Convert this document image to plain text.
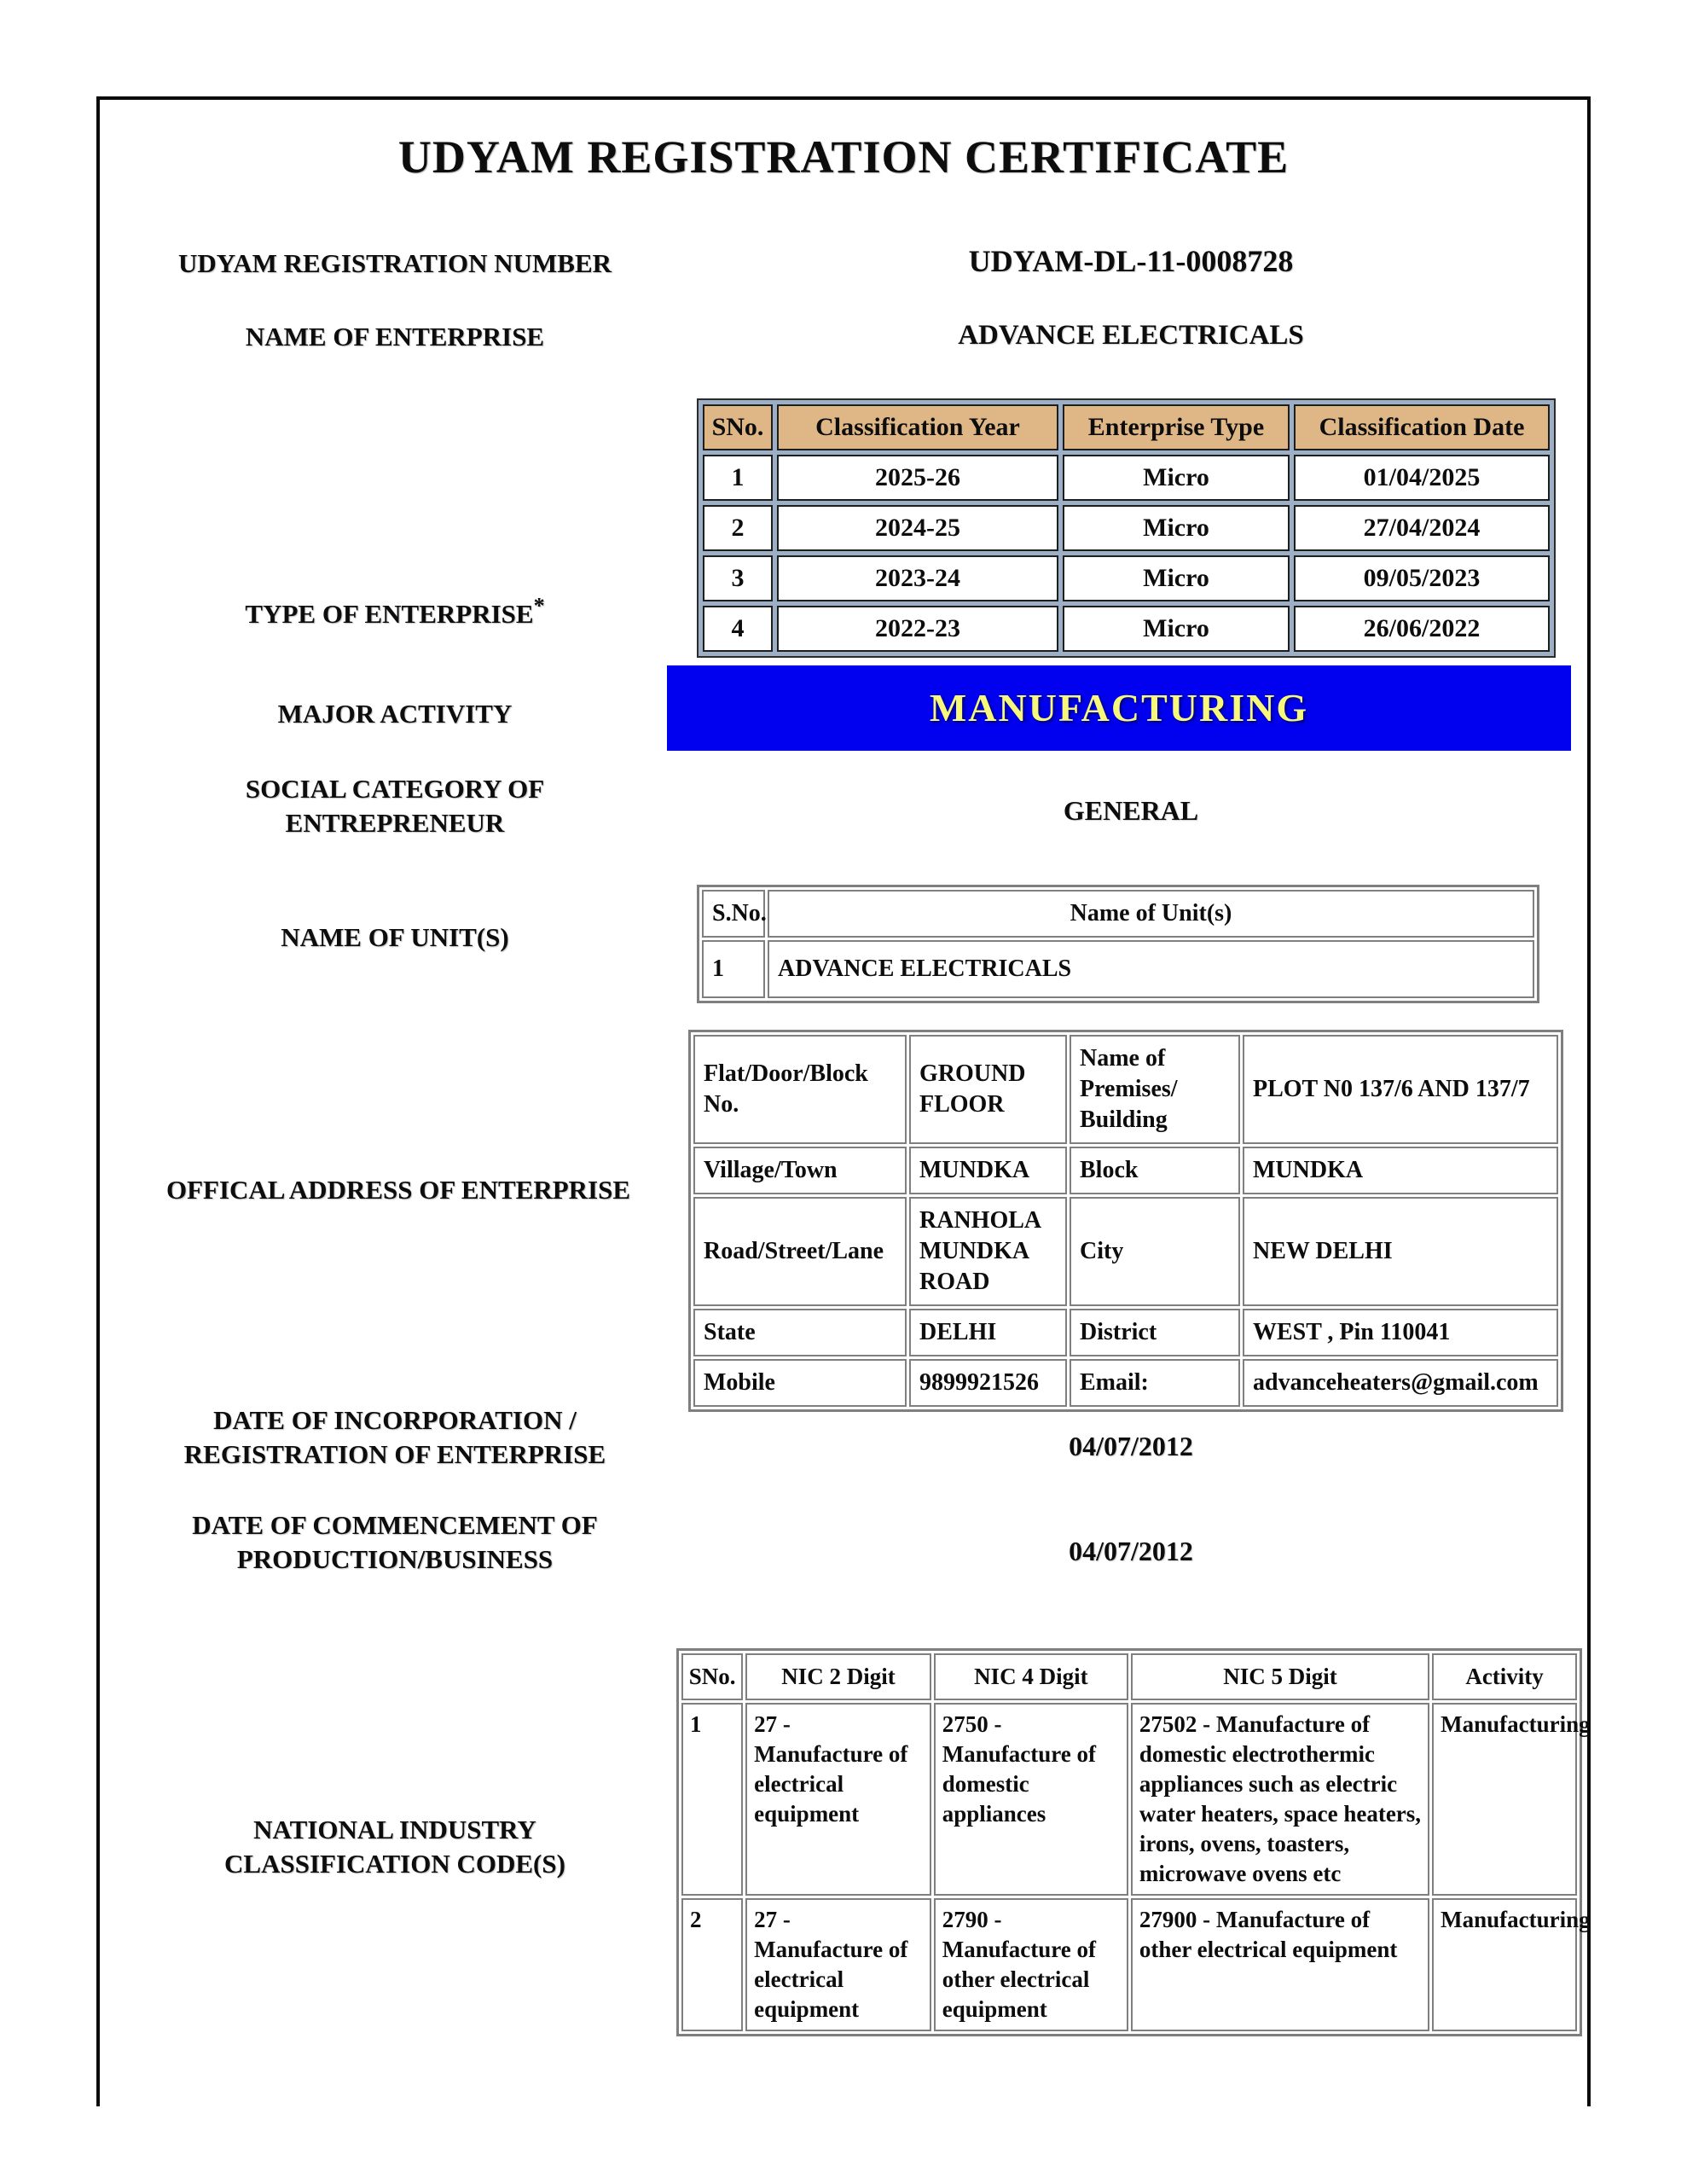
UDYAM REGISTRATION CERTIFICATE
UDYAM REGISTRATION NUMBER	UDYAM-DL-11-0008728
NAME OF ENTERPRISE	ADVANCE ELECTRICALS
TYPE OF ENTERPRISE*
SNo.	Classification Year	Enterprise Type	Classification Date
1	2025-26	Micro	01/04/2025
2	2024-25	Micro	27/04/2024
3	2023-24	Micro	09/05/2023
4	2022-23	Micro	26/06/2022
MAJOR ACTIVITY	MANUFACTURING
SOCIAL CATEGORY OF
ENTREPRENEUR	GENERAL
NAME OF UNIT(S)
S.No.	Name of Unit(s)
1	ADVANCE ELECTRICALS
OFFICAL ADDRESS OF ENTERPRISE
Flat/Door/Block No.	GROUND FLOOR	Name of Premises/ Building	PLOT N0 137/6 AND 137/7
Village/Town	MUNDKA	Block	MUNDKA
Road/Street/Lane	RANHOLA MUNDKA ROAD	City	NEW DELHI
State	DELHI	District	WEST , Pin 110041
Mobile	9899921526	Email:	advanceheaters@gmail.com
DATE OF INCORPORATION /
REGISTRATION OF ENTERPRISE	04/07/2012
DATE OF COMMENCEMENT OF
PRODUCTION/BUSINESS	04/07/2012
NATIONAL INDUSTRY
CLASSIFICATION CODE(S)
SNo.	NIC 2 Digit	NIC 4 Digit	NIC 5 Digit	Activity
1	27 - Manufacture of electrical equipment	2750 - Manufacture of domestic appliances	27502 - Manufacture of domestic electrothermic appliances such as electric water heaters, space heaters, irons, ovens, toasters, microwave ovens etc	Manufacturing
2	27 - Manufacture of electrical equipment	2790 - Manufacture of other electrical equipment	27900 - Manufacture of other electrical equipment	Manufacturing
